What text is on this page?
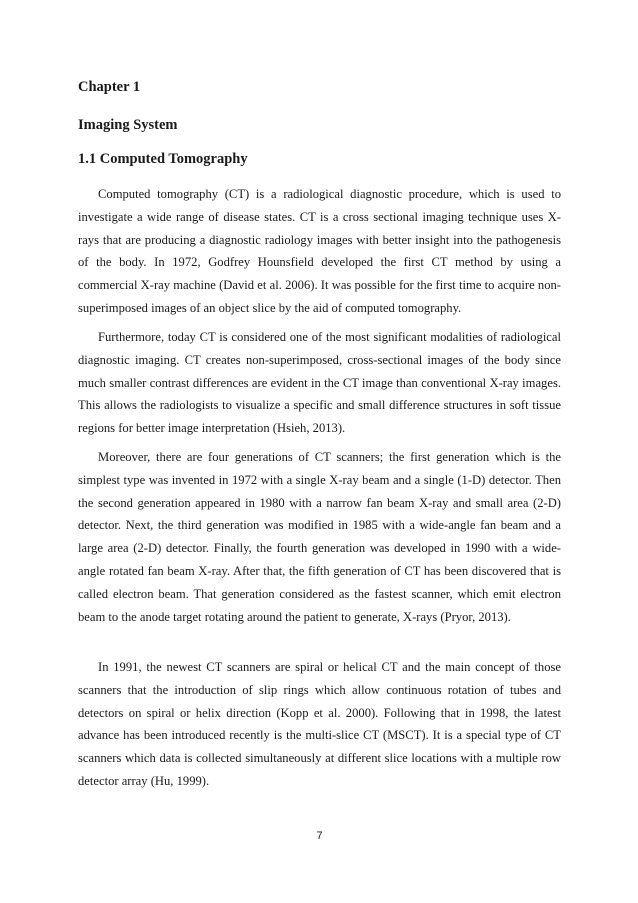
Chapter 1
Imaging System
1.1 Computed Tomography

Computed tomography (CT) is a radiological diagnostic procedure, which is used to investigate a wide range of disease states. CT is a cross sectional imaging technique uses X-rays that are producing a diagnostic radiology images with better insight into the pathogenesis of the body. In 1972, Godfrey Hounsfield developed the first CT method by using a commercial X-ray machine (David et al. 2006). It was possible for the first time to acquire non-superimposed images of an object slice by the aid of computed tomography.

Furthermore, today CT is considered one of the most significant modalities of radiological diagnostic imaging. CT creates non-superimposed, cross-sectional images of the body since much smaller contrast differences are evident in the CT image than conventional X-ray images. This allows the radiologists to visualize a specific and small difference structures in soft tissue regions for better image interpretation (Hsieh, 2013).

Moreover, there are four generations of CT scanners; the first generation which is the simplest type was invented in 1972 with a single X-ray beam and a single (1-D) detector. Then the second generation appeared in 1980 with a narrow fan beam X-ray and small area (2-D) detector. Next, the third generation was modified in 1985 with a wide-angle fan beam and a large area (2-D) detector. Finally, the fourth generation was developed in 1990 with a wide-angle rotated fan beam X-ray. After that, the fifth generation of CT has been discovered that is called electron beam. That generation considered as the fastest scanner, which emit electron beam to the anode target rotating around the patient to generate, X-rays (Pryor, 2013).

In 1991, the newest CT scanners are spiral or helical CT and the main concept of those scanners that the introduction of slip rings which allow continuous rotation of tubes and detectors on spiral or helix direction (Kopp et al. 2000). Following that in 1998, the latest advance has been introduced recently is the multi-slice CT (MSCT). It is a special type of CT scanners which data is collected simultaneously at different slice locations with a multiple row detector array (Hu, 1999).

7
